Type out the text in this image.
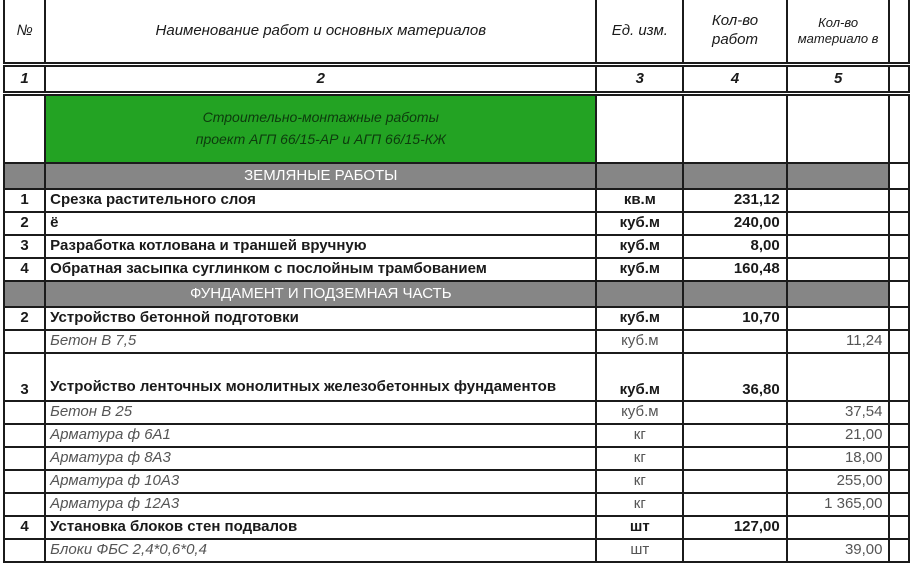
№	Наименование работ и основных материалов	Ед. изм.	Кол-во работ	Кол-во материало в	
1	2	3	4	5	

	Строительно-монтажные работы
проект АГП 66/15-АР и АГП 66/15-КЖ				

	ЗЕМЛЯНЫЕ РАБОТЫ				
1	Срезка растительного слоя	кв.м	231,12		
2	ё	куб.м	240,00		
3	Разработка котлована и траншей вручную	куб.м	8,00		
4	Обратная засыпка суглинком с послойным трамбованием	куб.м	160,48		
	ФУНДАМЕНТ И ПОДЗЕМНАЯ ЧАСТЬ				
2	Устройство бетонной подготовки	куб.м	10,70		
	Бетон В 7,5	куб.м		11,24	
3	Устройство ленточных монолитных железобетонных фундаментов	куб.м	36,80		
	Бетон В 25	куб.м		37,54	
	Арматура ф 6А1	кг		21,00	
	Арматура ф 8А3	кг		18,00	
	Арматура ф 10А3	кг		255,00	
	Арматура ф 12А3	кг		1 365,00	
4	Установка блоков стен подвалов	шт	127,00		
	Блоки ФБС 2,4*0,6*0,4	шт		39,00	
